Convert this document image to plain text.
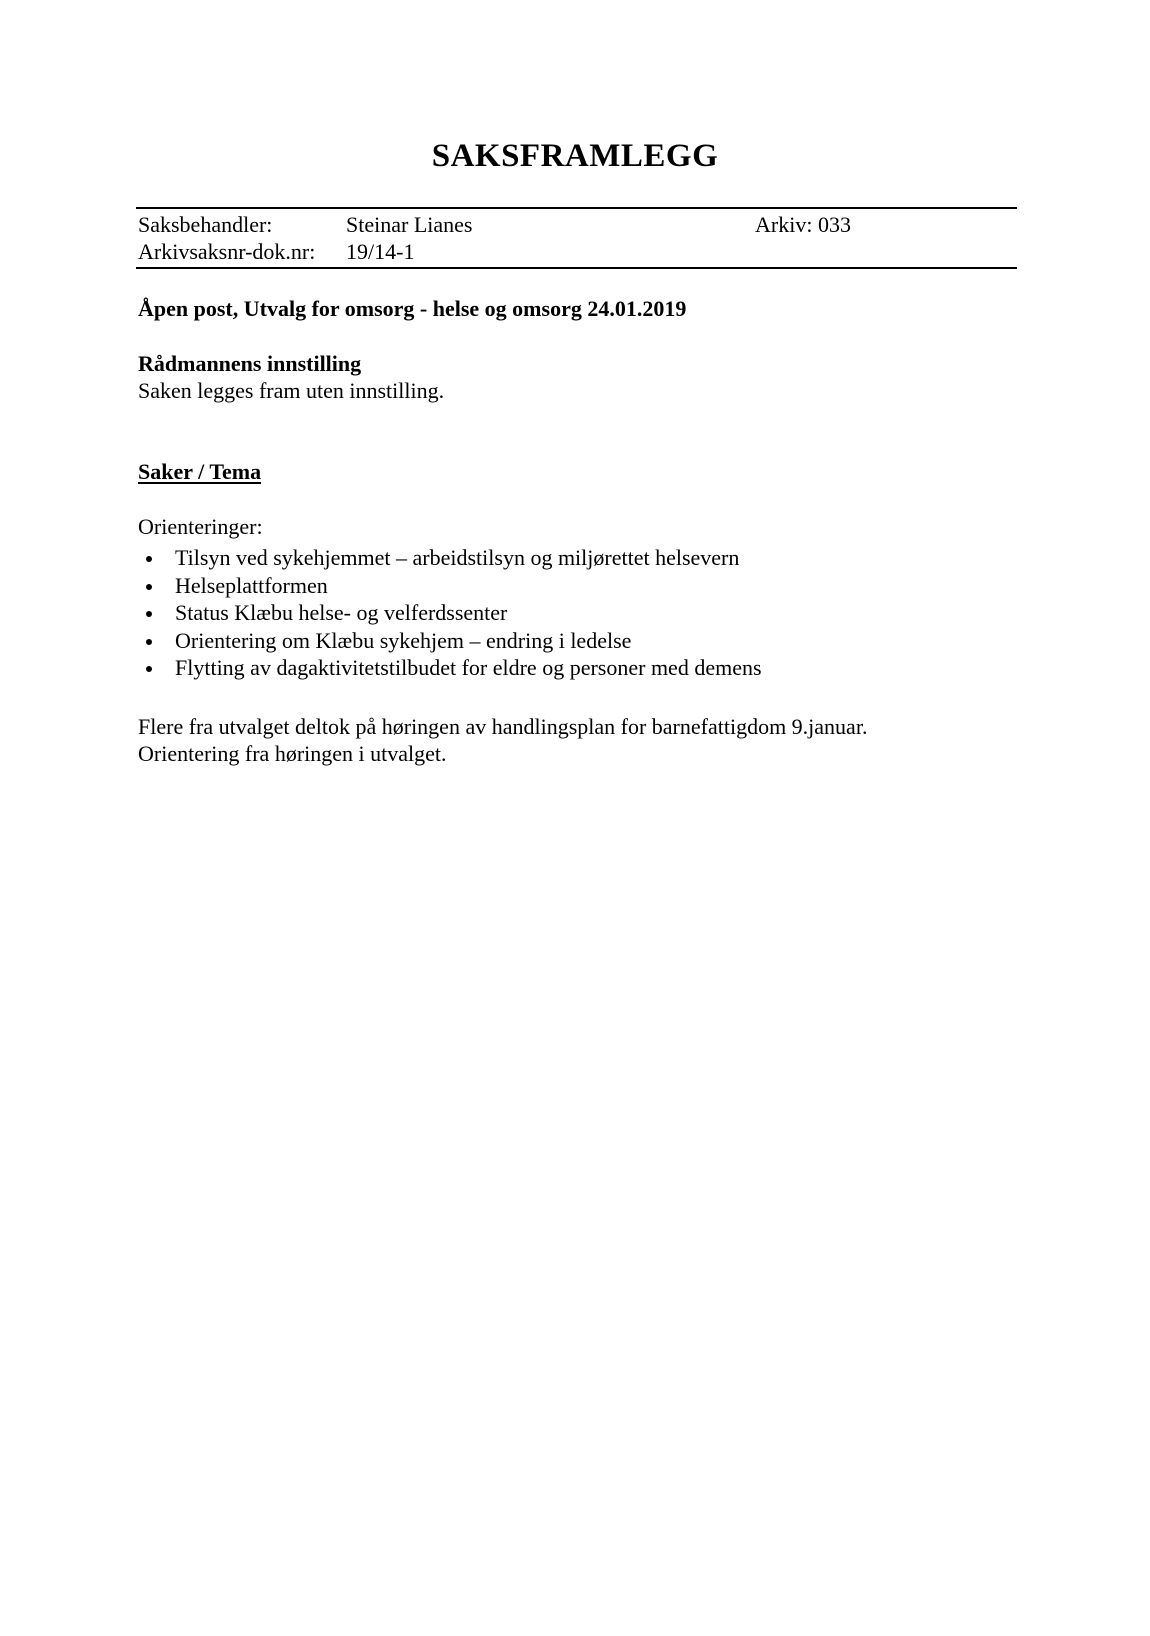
SAKSFRAMLEGG
Saksbehandler:	Steinar Lianes	Arkiv: 033
Arkivsaksnr-dok.nr: 19/14-1
Åpen post, Utvalg for omsorg - helse og omsorg 24.01.2019
Rådmannens innstilling
Saken legges fram uten innstilling.
Saker / Tema
Orienteringer:
Tilsyn ved sykehjemmet – arbeidstilsyn og miljørettet helsevern
Helseplattformen
Status Klæbu helse- og velferdssenter
Orientering om Klæbu sykehjem – endring i ledelse
Flytting av dagaktivitetstilbudet for eldre og personer med demens
Flere fra utvalget deltok på høringen av handlingsplan for barnefattigdom 9.januar.
Orientering fra høringen i utvalget.
